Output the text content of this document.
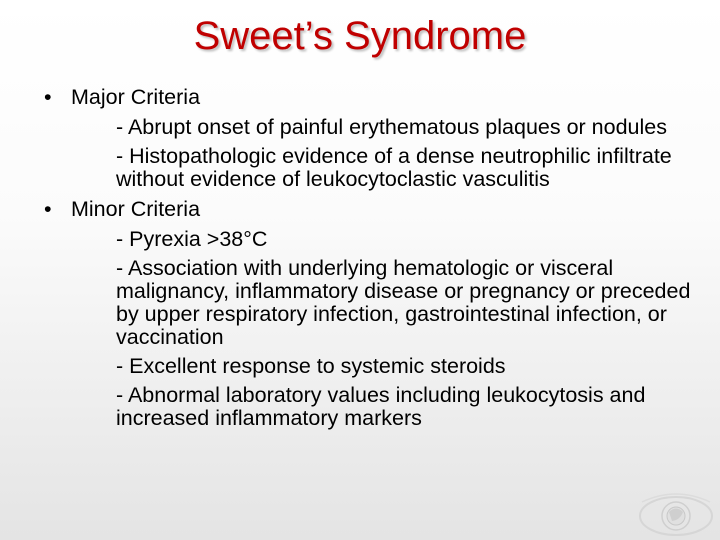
Sweet’s Syndrome
• Major Criteria
- Abrupt onset of painful erythematous plaques or nodules
- Histopathologic evidence of a dense neutrophilic infiltrate without evidence of leukocytoclastic vasculitis
• Minor Criteria
- Pyrexia >38°C
- Association with underlying hematologic or visceral malignancy, inflammatory disease or pregnancy or preceded by upper respiratory infection, gastrointestinal infection, or vaccination
- Excellent response to systemic steroids
- Abnormal laboratory values including leukocytosis and increased inflammatory markers
